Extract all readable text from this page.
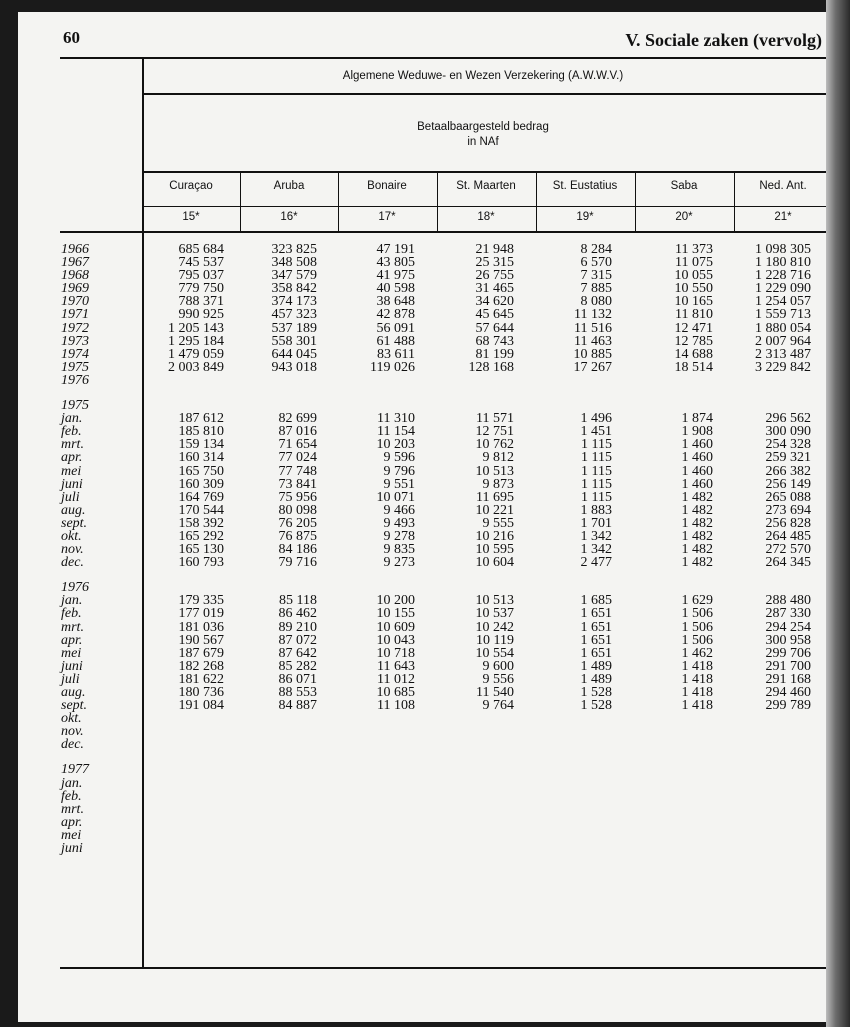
60	V. Sociale zaken (vervolg)
Algemene Weduwe- en Wezen Verzekering (A.W.W.V.)
Betaalbaargesteld bedrag
in NAf
Curaçao
15*
Aruba
16*
Bonaire
17*
St. Maarten
18*
St. Eustatius
19*
Saba
20*
Ned. Ant.
21*
1966	685 684	323 825	47 191	21 948	8 284	11 373	1 098 305
1967	745 537	348 508	43 805	25 315	6 570	11 075	1 180 810
1968	795 037	347 579	41 975	26 755	7 315	10 055	1 228 716
1969	779 750	358 842	40 598	31 465	7 885	10 550	1 229 090
1970	788 371	374 173	38 648	34 620	8 080	10 165	1 254 057
1971	990 925	457 323	42 878	45 645	11 132	11 810	1 559 713
1972	1 205 143	537 189	56 091	57 644	11 516	12 471	1 880 054
1973	1 295 184	558 301	61 488	68 743	11 463	12 785	2 007 964
1974	1 479 059	644 045	83 611	81 199	10 885	14 688	2 313 487
1975	2 003 849	943 018	119 026	128 168	17 267	18 514	3 229 842
1976
1975
jan.	187 612	82 699	11 310	11 571	1 496	1 874	296 562
feb.	185 810	87 016	11 154	12 751	1 451	1 908	300 090
mrt.	159 134	71 654	10 203	10 762	1 115	1 460	254 328
apr.	160 314	77 024	9 596	9 812	1 115	1 460	259 321
mei	165 750	77 748	9 796	10 513	1 115	1 460	266 382
juni	160 309	73 841	9 551	9 873	1 115	1 460	256 149
juli	164 769	75 956	10 071	11 695	1 115	1 482	265 088
aug.	170 544	80 098	9 466	10 221	1 883	1 482	273 694
sept.	158 392	76 205	9 493	9 555	1 701	1 482	256 828
okt.	165 292	76 875	9 278	10 216	1 342	1 482	264 485
nov.	165 130	84 186	9 835	10 595	1 342	1 482	272 570
dec.	160 793	79 716	9 273	10 604	2 477	1 482	264 345
1976
jan.	179 335	85 118	10 200	10 513	1 685	1 629	288 480
feb.	177 019	86 462	10 155	10 537	1 651	1 506	287 330
mrt.	181 036	89 210	10 609	10 242	1 651	1 506	294 254
apr.	190 567	87 072	10 043	10 119	1 651	1 506	300 958
mei	187 679	87 642	10 718	10 554	1 651	1 462	299 706
juni	182 268	85 282	11 643	9 600	1 489	1 418	291 700
juli	181 622	86 071	11 012	9 556	1 489	1 418	291 168
aug.	180 736	88 553	10 685	11 540	1 528	1 418	294 460
sept.	191 084	84 887	11 108	9 764	1 528	1 418	299 789
okt.
nov.
dec.
1977
jan.
feb.
mrt.
apr.
mei
juni
